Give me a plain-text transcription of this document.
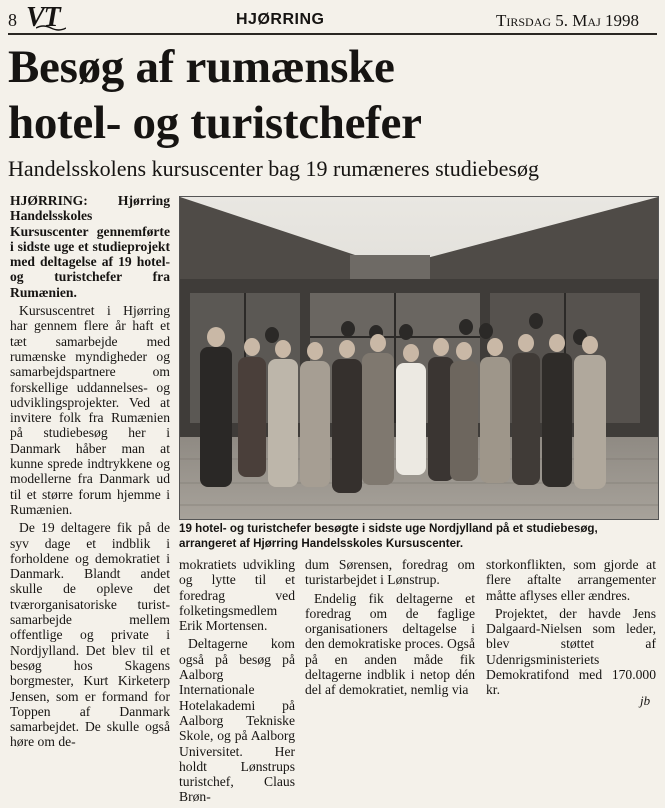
8 VT	HJØRRING	Tirsdag 5. Maj 1998
Besøg af rumænske
hotel- og turistchefer
Handelsskolens kursuscenter bag 19 rumæneres studiebesøg

HJØRRING: Hjørring Handelsskoles Kursuscenter gennemførte i sidste uge et studieprojekt med deltagelse af 19 hotel- og turistchefer fra Rumænien.

Kursuscentret i Hjørring har gennem flere år haft et tæt samarbejde med rumænske myndigheder og samarbejdspartnere om forskellige uddannelses- og udviklingsprojekter. Ved at invitere folk fra Rumænien på studiebesøg her i Danmark håber man at kunne sprede indtrykkene og modellerne fra Danmark ud til et større forum hjemme i Rumænien.

De 19 deltagere fik på de syv dage et indblik i forholdene og demokratiet i Danmark. Blandt andet skulle de opleve det tværorganisatoriske turist-samarbejde mellem offentlige og private i Nordjylland. Det blev til et besøg hos Skagens borgmester, Kurt Kirketerp Jensen, som er formand for Toppen af Danmark samarbejdet. De skulle også høre om de-

19 hotel- og turistchefer besøgte i sidste uge Nordjylland på et studiebesøg, arrangeret af Hjørring Handelsskoles Kursuscenter.

mokratiets udvikling og lytte til et foredrag ved folketingsmedlem Erik Mortensen.

Deltagerne kom også på besøg på Aalborg Internationale Hotelakademi på Aalborg Tekniske Skole, og på Aalborg Universitet. Her holdt Lønstrups turistchef, Claus Brøn-

dum Sørensen, foredrag om turistarbejdet i Lønstrup.

Endelig fik deltagerne et foredrag om de faglige organisationers deltagelse i den demokratiske proces. Også på en anden måde fik deltagerne indblik i netop dén del af demokratiet, nemlig via

storkonflikten, som gjorde at flere aftalte arrangementer måtte aflyses eller ændres.

Projektet, der havde Jens Dalgaard-Nielsen som leder, blev støttet af Udenrigsministeriets Demokratifond med 170.000 kr.

jb
